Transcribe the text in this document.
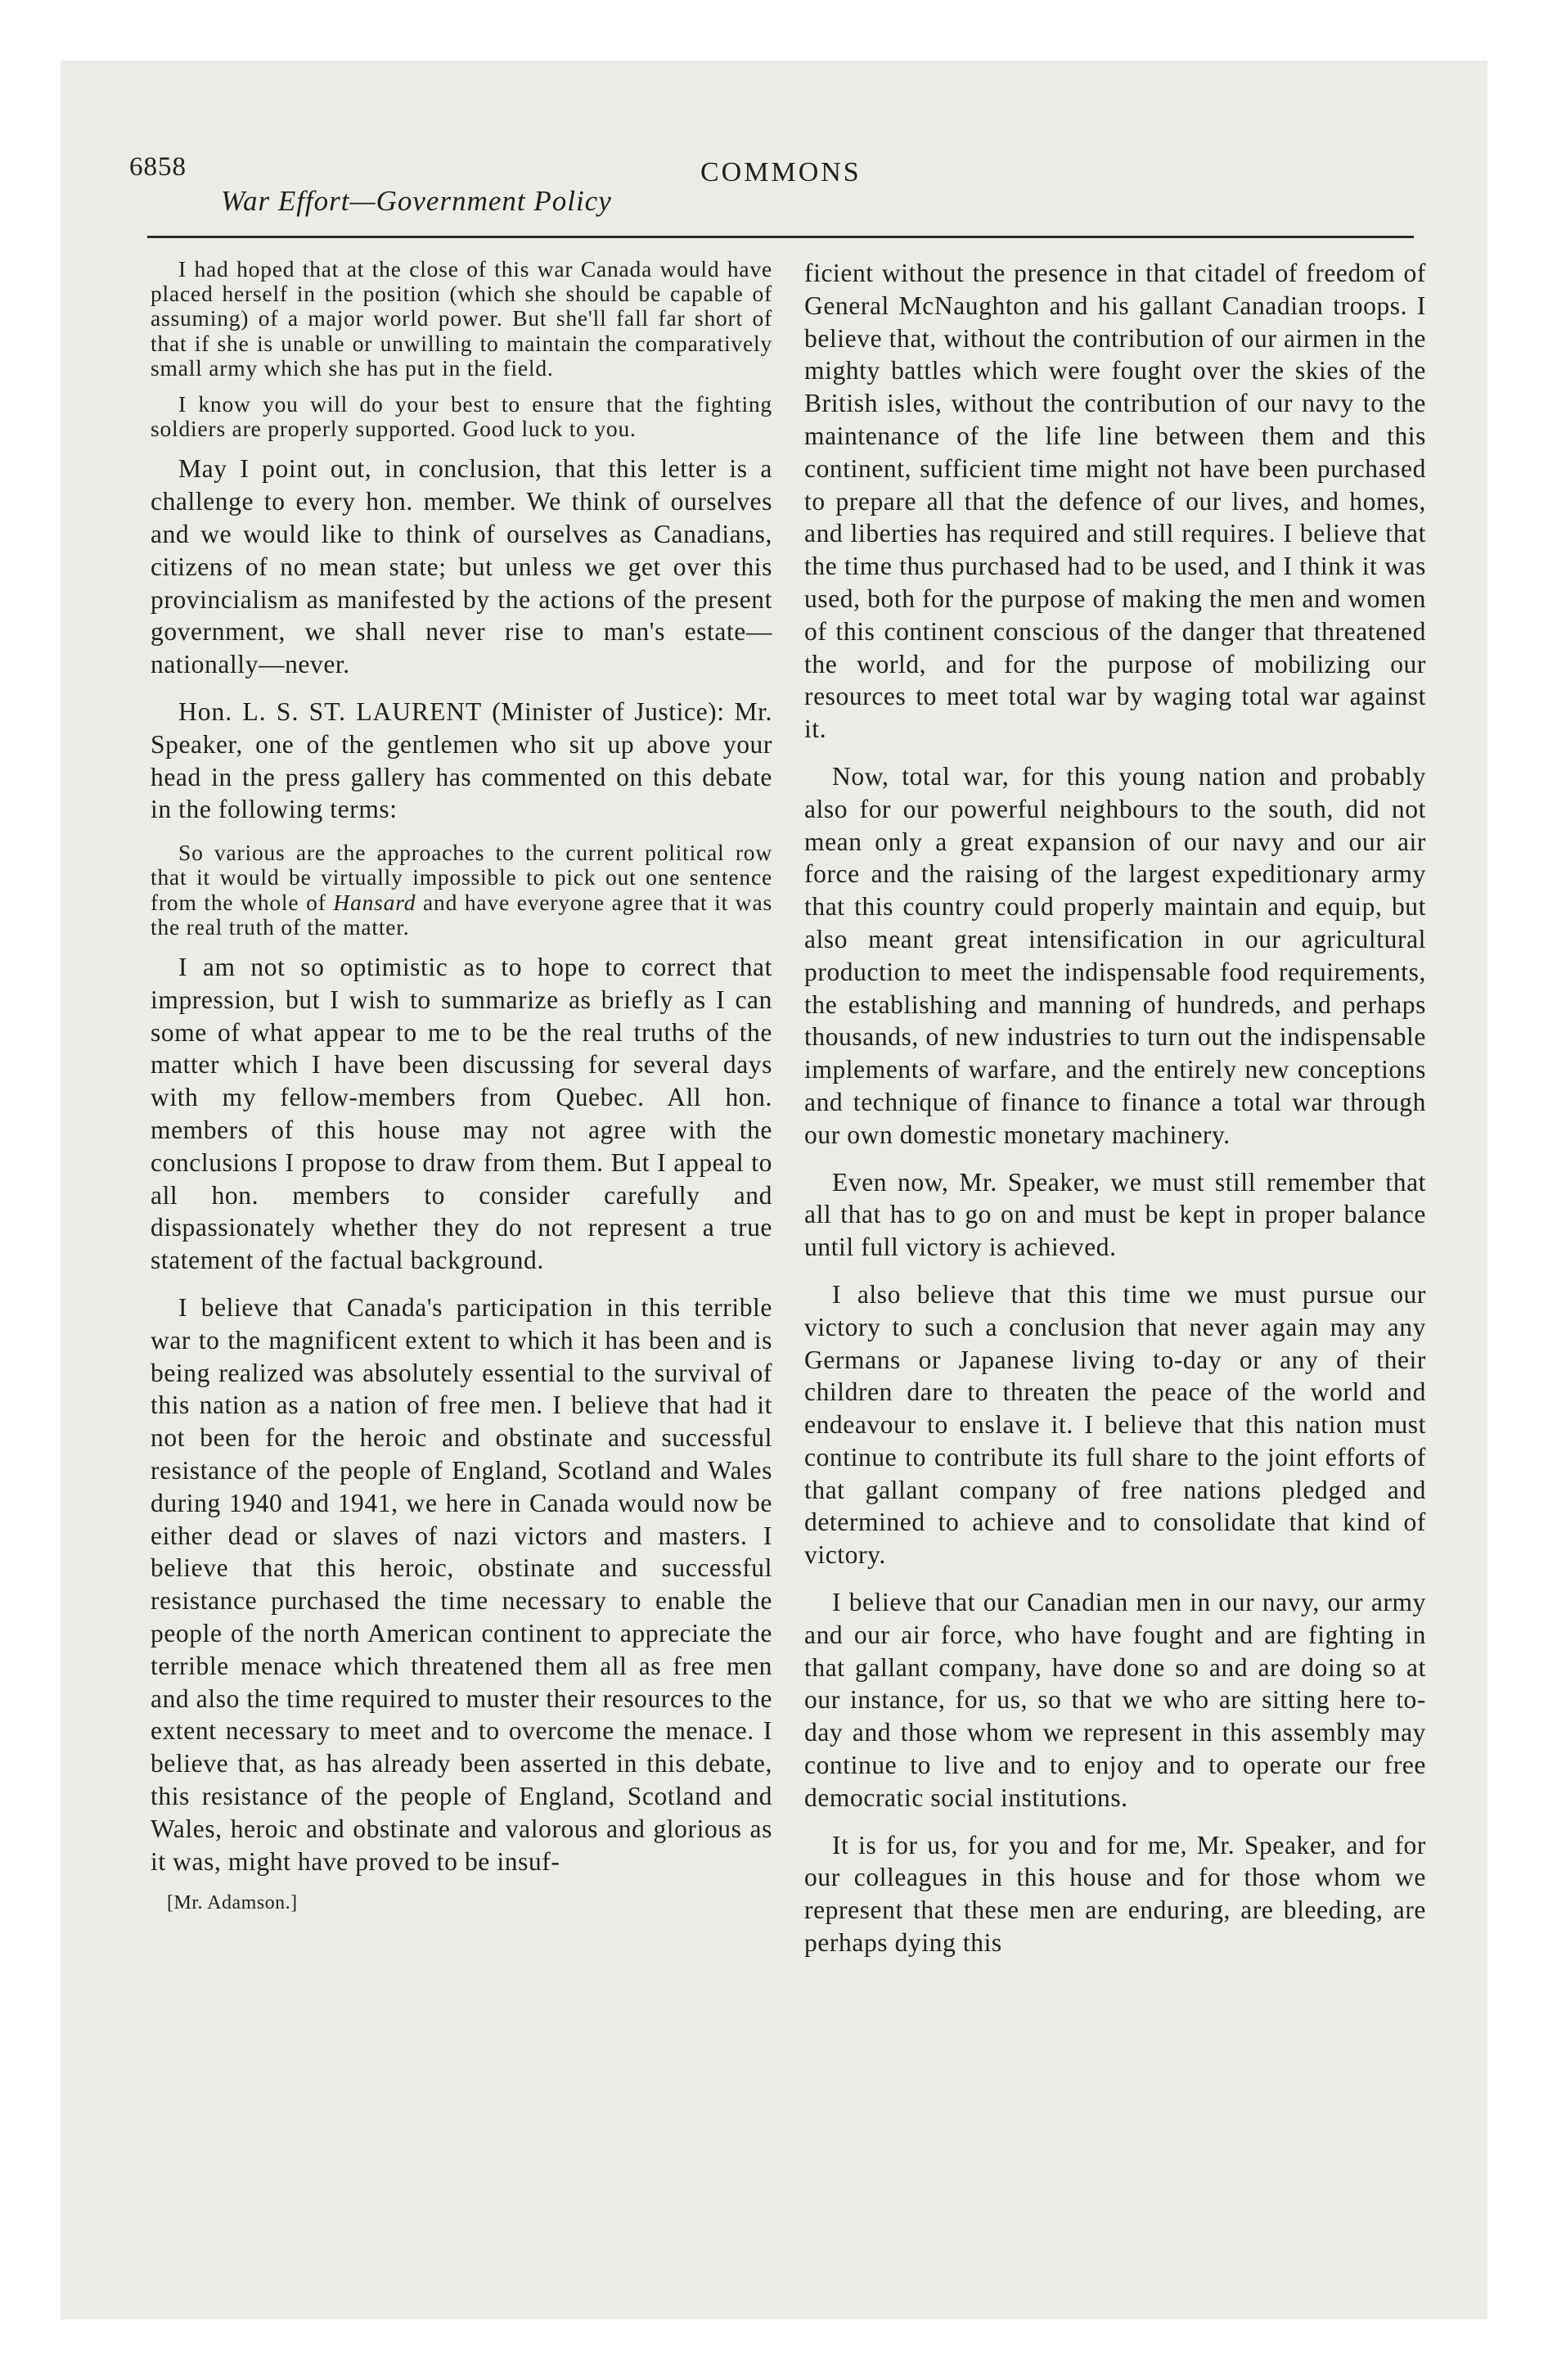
6858
War Effort—Government Policy
COMMONS

I had hoped that at the close of this war Canada would have placed herself in the position (which she should be capable of assuming) of a major world power. But she'll fall far short of that if she is unable or unwilling to maintain the comparatively small army which she has put in the field.

I know you will do your best to ensure that the fighting soldiers are properly supported. Good luck to you.

May I point out, in conclusion, that this letter is a challenge to every hon. member. We think of ourselves and we would like to think of ourselves as Canadians, citizens of no mean state; but unless we get over this provincialism as manifested by the actions of the present government, we shall never rise to man's estate—nationally—never.

Hon. L. S. ST. LAURENT (Minister of Justice): Mr. Speaker, one of the gentlemen who sit up above your head in the press gallery has commented on this debate in the following terms:

So various are the approaches to the current political row that it would be virtually impossible to pick out one sentence from the whole of Hansard and have everyone agree that it was the real truth of the matter.

I am not so optimistic as to hope to correct that impression, but I wish to summarize as briefly as I can some of what appear to me to be the real truths of the matter which I have been discussing for several days with my fellow-members from Quebec. All hon. members of this house may not agree with the conclusions I propose to draw from them. But I appeal to all hon. members to consider carefully and dispassionately whether they do not represent a true statement of the factual background.

I believe that Canada's participation in this terrible war to the magnificent extent to which it has been and is being realized was absolutely essential to the survival of this nation as a nation of free men. I believe that had it not been for the heroic and obstinate and successful resistance of the people of England, Scotland and Wales during 1940 and 1941, we here in Canada would now be either dead or slaves of nazi victors and masters. I believe that this heroic, obstinate and successful resistance purchased the time necessary to enable the people of the north American continent to appreciate the terrible menace which threatened them all as free men and also the time required to muster their resources to the extent necessary to meet and to overcome the menace. I believe that, as has already been asserted in this debate, this resistance of the people of England, Scotland and Wales, heroic and obstinate and valorous and glorious as it was, might have proved to be insuf-

[Mr. Adamson.]

ficient without the presence in that citadel of freedom of General McNaughton and his gallant Canadian troops. I believe that, without the contribution of our airmen in the mighty battles which were fought over the skies of the British isles, without the contribution of our navy to the maintenance of the life line between them and this continent, sufficient time might not have been purchased to prepare all that the defence of our lives, and homes, and liberties has required and still requires. I believe that the time thus purchased had to be used, and I think it was used, both for the purpose of making the men and women of this continent conscious of the danger that threatened the world, and for the purpose of mobilizing our resources to meet total war by waging total war against it.

Now, total war, for this young nation and probably also for our powerful neighbours to the south, did not mean only a great expansion of our navy and our air force and the raising of the largest expeditionary army that this country could properly maintain and equip, but also meant great intensification in our agricultural production to meet the indispensable food requirements, the establishing and manning of hundreds, and perhaps thousands, of new industries to turn out the indispensable implements of warfare, and the entirely new conceptions and technique of finance to finance a total war through our own domestic monetary machinery.

Even now, Mr. Speaker, we must still remember that all that has to go on and must be kept in proper balance until full victory is achieved.

I also believe that this time we must pursue our victory to such a conclusion that never again may any Germans or Japanese living to-day or any of their children dare to threaten the peace of the world and endeavour to enslave it. I believe that this nation must continue to contribute its full share to the joint efforts of that gallant company of free nations pledged and determined to achieve and to consolidate that kind of victory.

I believe that our Canadian men in our navy, our army and our air force, who have fought and are fighting in that gallant company, have done so and are doing so at our instance, for us, so that we who are sitting here to-day and those whom we represent in this assembly may continue to live and to enjoy and to operate our free democratic social institutions.

It is for us, for you and for me, Mr. Speaker, and for our colleagues in this house and for those whom we represent that these men are enduring, are bleeding, are perhaps dying this
